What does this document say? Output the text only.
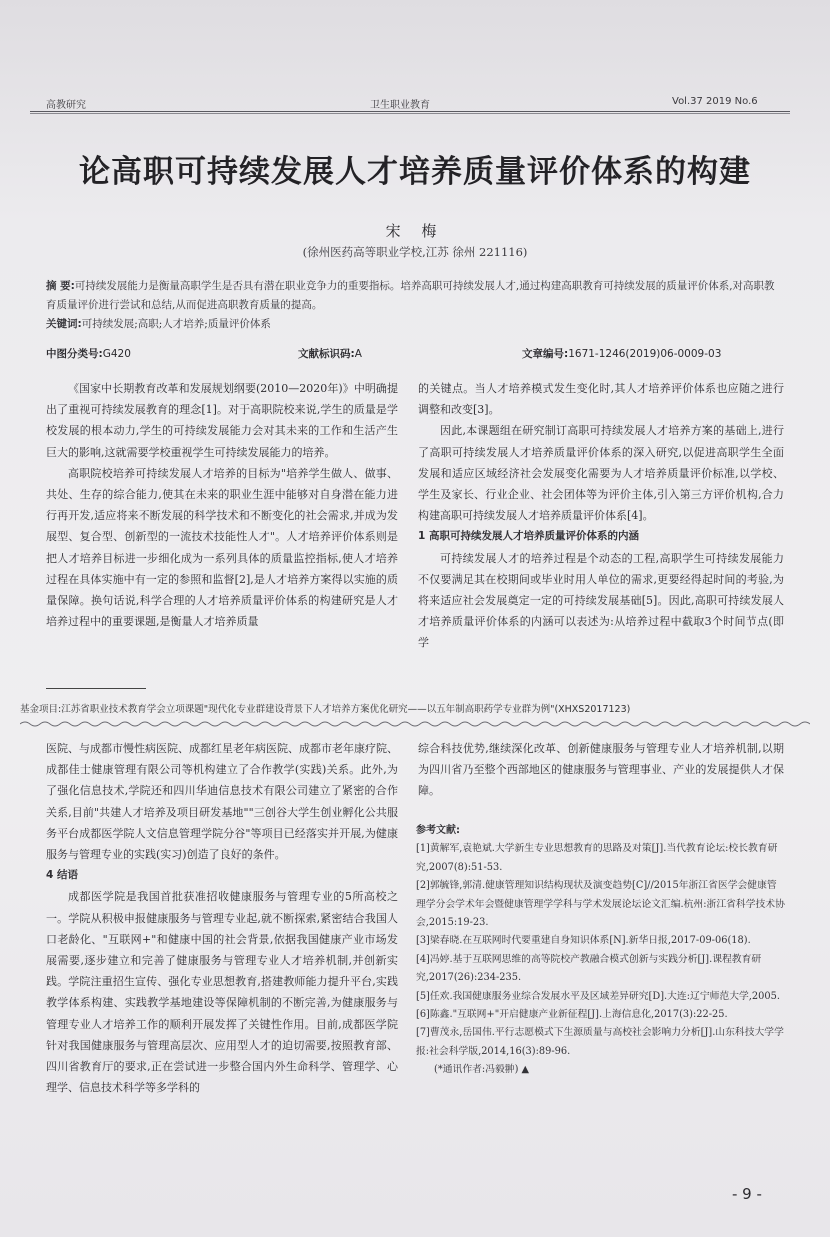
高教研究	卫生职业教育	Vol.37 2019 No.6
论高职可持续发展人才培养质量评价体系的构建
宋 梅
(徐州医药高等职业学校,江苏 徐州 221116)
摘 要:可持续发展能力是衡量高职学生是否具有潜在职业竞争力的重要指标。培养高职可持续发展人才,通过构建高职教育可持续发展的质量评价体系,对高职教育质量评价进行尝试和总结,从而促进高职教育质量的提高。
关键词:可持续发展;高职;人才培养;质量评价体系
中图分类号:G420	文献标识码:A	文章编号:1671-1246(2019)06-0009-03

《国家中长期教育改革和发展规划纲要(2010—2020年)》中明确提出了重视可持续发展教育的理念[1]。对于高职院校来说,学生的质量是学校发展的根本动力,学生的可持续发展能力会对其未来的工作和生活产生巨大的影响,这就需要学校重视学生可持续发展能力的培养。

高职院校培养可持续发展人才培养的目标为"培养学生做人、做事、共处、生存的综合能力,使其在未来的职业生涯中能够对自身潜在能力进行再开发,适应将来不断发展的科学技术和不断变化的社会需求,并成为发展型、复合型、创新型的一流技术技能性人才"。人才培养评价体系则是把人才培养目标进一步细化成为一系列具体的质量监控指标,使人才培养过程在具体实施中有一定的参照和监督[2],是人才培养方案得以实施的质量保障。换句话说,科学合理的人才培养质量评价体系的构建研究是人才培养过程中的重要课题,是衡量人才培养质量

的关键点。当人才培养模式发生变化时,其人才培养评价体系也应随之进行调整和改变[3]。

因此,本课题组在研究制订高职可持续发展人才培养方案的基础上,进行了高职可持续发展人才培养质量评价体系的深入研究,以促进高职学生全面发展和适应区域经济社会发展变化需要为人才培养质量评价标准,以学校、学生及家长、行业企业、社会团体等为评价主体,引入第三方评价机构,合力构建高职可持续发展人才培养质量评价体系[4]。

1 高职可持续发展人才培养质量评价体系的内涵

可持续发展人才的培养过程是个动态的工程,高职学生可持续发展能力不仅要满足其在校期间或毕业时用人单位的需求,更要经得起时间的考验,为将来适应社会发展奠定一定的可持续发展基础[5]。因此,高职可持续发展人才培养质量评价体系的内涵可以表述为:从培养过程中截取3个时间节点(即学

基金项目:江苏省职业技术教育学会立项课题"现代化专业群建设背景下人才培养方案优化研究——以五年制高职药学专业群为例"(XHXS2017123)

医院、与成都市慢性病医院、成都红星老年病医院、成都市老年康疗院、成都佳士健康管理有限公司等机构建立了合作教学(实践)关系。此外,为了强化信息技术,学院还和四川华迪信息技术有限公司建立了紧密的合作关系,目前"共建人才培养及项目研发基地""三创谷大学生创业孵化公共服务平台成都医学院人文信息管理学院分谷"等项目已经落实并开展,为健康服务与管理专业的实践(实习)创造了良好的条件。

4 结语

成都医学院是我国首批获准招收健康服务与管理专业的5所高校之一。学院从积极申报健康服务与管理专业起,就不断探索,紧密结合我国人口老龄化、"互联网+"和健康中国的社会背景,依据我国健康产业市场发展需要,逐步建立和完善了健康服务与管理专业人才培养机制,并创新实践。学院注重招生宣传、强化专业思想教育,搭建教师能力提升平台,实践教学体系构建、实践教学基地建设等保障机制的不断完善,为健康服务与管理专业人才培养工作的顺利开展发挥了关键性作用。目前,成都医学院针对我国健康服务与管理高层次、应用型人才的迫切需要,按照教育部、四川省教育厅的要求,正在尝试进一步整合国内外生命科学、管理学、心理学、信息技术科学等多学科的

综合科技优势,继续深化改革、创新健康服务与管理专业人才培养机制,以期为四川省乃至整个西部地区的健康服务与管理事业、产业的发展提供人才保障。

参考文献:
[1]黄解军,袁艳斌.大学新生专业思想教育的思路及对策[J].当代教育论坛:校长教育研究,2007(8):51-53.
[2]郭毓锋,郭清.健康管理知识结构现状及演变趋势[C]//2015年浙江省医学会健康管理学分会学术年会暨健康管理学学科与学术发展论坛论文汇编.杭州:浙江省科学技术协会,2015:19-23.
[3]梁春晓.在互联网时代要重建自身知识体系[N].新华日报,2017-09-06(18).
[4]冯婷.基于互联网思维的高等院校产教融合模式创新与实践分析[J].课程教育研究,2017(26):234-235.
[5]任欢.我国健康服务业综合发展水平及区域差异研究[D].大连:辽宁师范大学,2005.
[6]陈鑫."互联网+"开启健康产业新征程[J].上海信息化,2017(3):22-25.
[7]曹茂永,岳国伟.平行志愿模式下生源质量与高校社会影响力分析[J].山东科技大学学报:社会科学版,2014,16(3):89-96.
(*通讯作者:冯毅翀) ▲
- 9 -
